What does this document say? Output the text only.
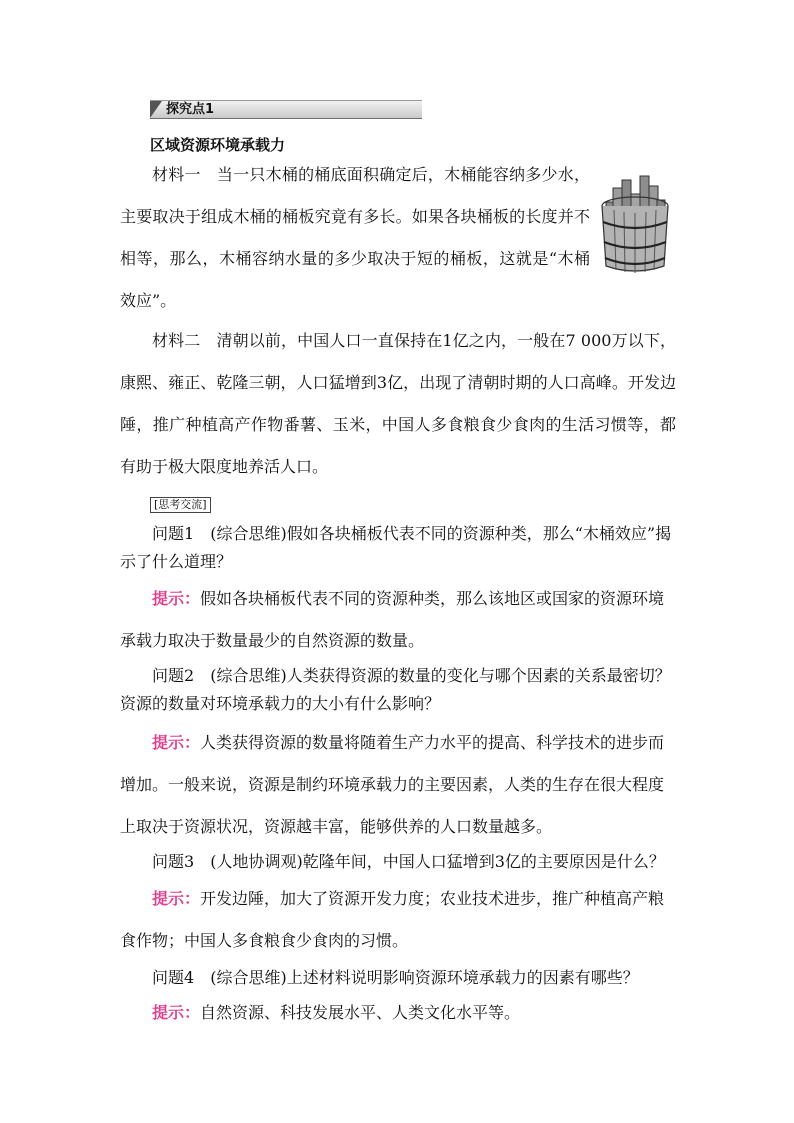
探究点1
区域资源环境承载力
材料一　 当一只木桶的桶底面积确定后，木桶能容纳多少水，主要取决于组成木桶的桶板究竟有多长。如果各块桶板的长度并不相等，那么，木桶容纳水量的多少取决于短的桶板，这就是“木桶效应”。
材料二　 清朝以前，中国人口一直保持在1亿之内，一般在7 000万以下，康熙、雍正、乾隆三朝，人口猛增到3亿，出现了清朝时期的人口高峰。开发边陲，推广种植高产作物番薯、玉米，中国人多食粮食少食肉的生活习惯等，都有助于极大限度地养活人口。
[思考交流]
问题1　 (综合思维)假如各块桶板代表不同的资源种类，那么“木桶效应”揭示了什么道理？
提示：假如各块桶板代表不同的资源种类，那么该地区或国家的资源环境承载力取决于数量最少的自然资源的数量。
问题2　 (综合思维)人类获得资源的数量的变化与哪个因素的关系最密切？资源的数量对环境承载力的大小有什么影响？
提示：人类获得资源的数量将随着生产力水平的提高、科学技术的进步而增加。一般来说，资源是制约环境承载力的主要因素，人类的生存在很大程度上取决于资源状况，资源越丰富，能够供养的人口数量越多。
问题3　 (人地协调观)乾隆年间，中国人口猛增到3亿的主要原因是什么？
提示：开发边陲，加大了资源开发力度；农业技术进步，推广种植高产粮食作物；中国人多食粮食少食肉的习惯。
问题4　 (综合思维)上述材料说明影响资源环境承载力的因素有哪些？
提示：自然资源、科技发展水平、人类文化水平等。
